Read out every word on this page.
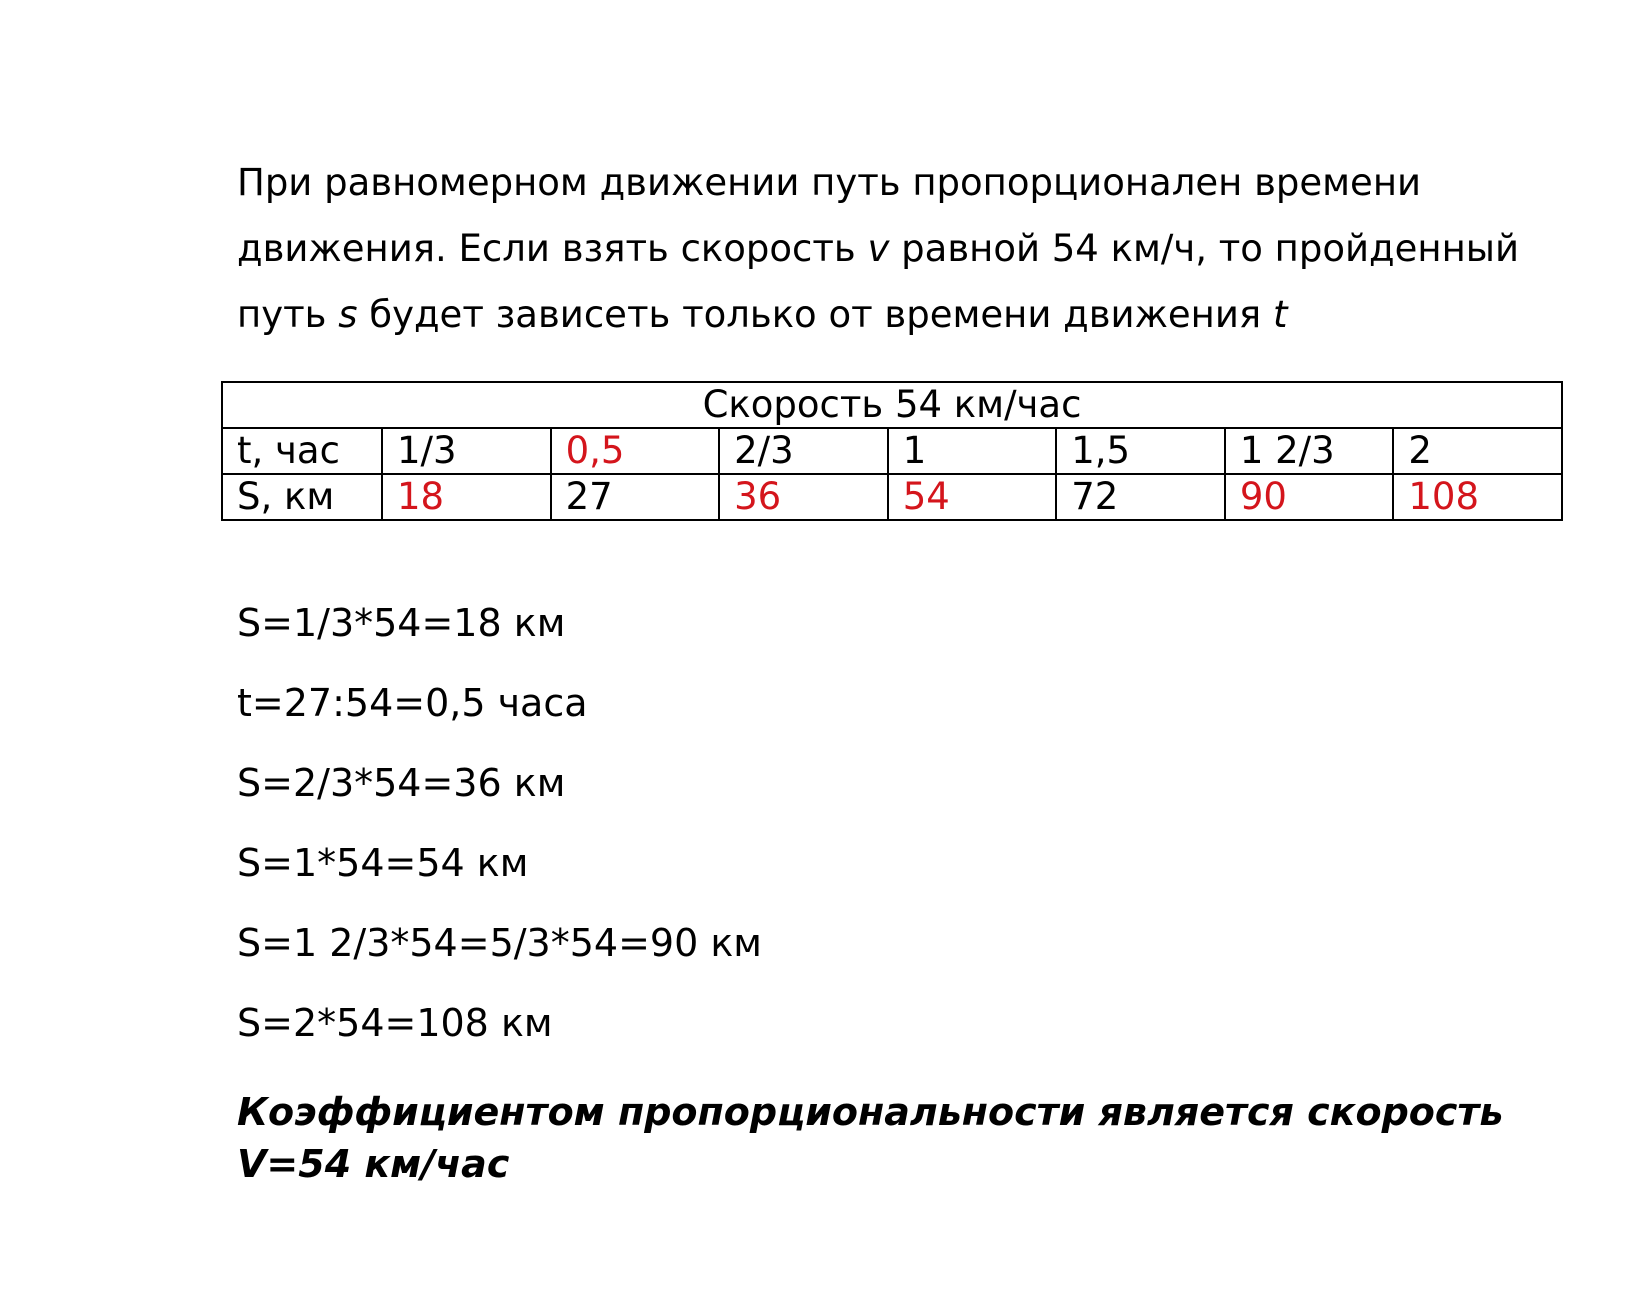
При равномерном движении путь пропорционален времени

движения. Если взять скорость v равной 54 км/ч, то пройденный

путь s будет зависеть только от времени движения t

Скорость 54 км/час							
t, час	1/3	0,5	2/3	1	1,5	1 2/3	2
S, км	18	27	36	54	72	90	108

S=1/3*54=18 км

t=27:54=0,5 часа

S=2/3*54=36 км

S=1*54=54 км

S=1 2/3*54=5/3*54=90 км

S=2*54=108 км

Коэффициентом пропорциональности является скорость

V=54 км/час
